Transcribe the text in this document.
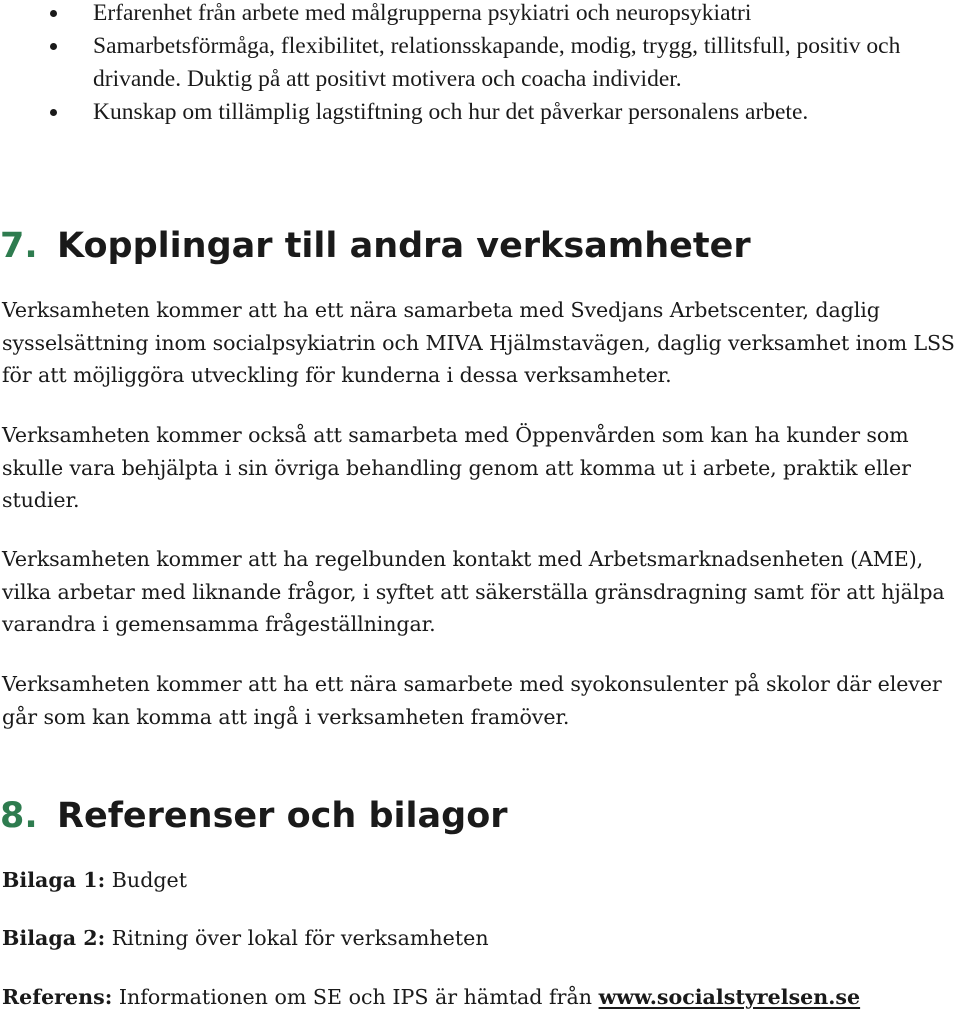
Erfarenhet från arbete med målgrupperna psykiatri och neuropsykiatri
Samarbetsförmåga, flexibilitet, relationsskapande, modig, trygg, tillitsfull, positiv och drivande. Duktig på att positivt motivera och coacha individer.
Kunskap om tillämplig lagstiftning och hur det påverkar personalens arbete.
7. Kopplingar till andra verksamheter

Verksamheten kommer att ha ett nära samarbeta med Svedjans Arbetscenter, daglig sysselsättning inom socialpsykiatrin och MIVA Hjälmstavägen, daglig verksamhet inom LSS för att möjliggöra utveckling för kunderna i dessa verksamheter.

Verksamheten kommer också att samarbeta med Öppenvården som kan ha kunder som skulle vara behjälpta i sin övriga behandling genom att komma ut i arbete, praktik eller studier.

Verksamheten kommer att ha regelbunden kontakt med Arbetsmarknadsenheten (AME), vilka arbetar med liknande frågor, i syftet att säkerställa gränsdragning samt för att hjälpa varandra i gemensamma frågeställningar.

Verksamheten kommer att ha ett nära samarbete med syokonsulenter på skolor där elever går som kan komma att ingå i verksamheten framöver.

8. Referenser och bilagor

Bilaga 1: Budget

Bilaga 2: Ritning över lokal för verksamheten

Referens: Informationen om SE och IPS är hämtad från www.socialstyrelsen.se
